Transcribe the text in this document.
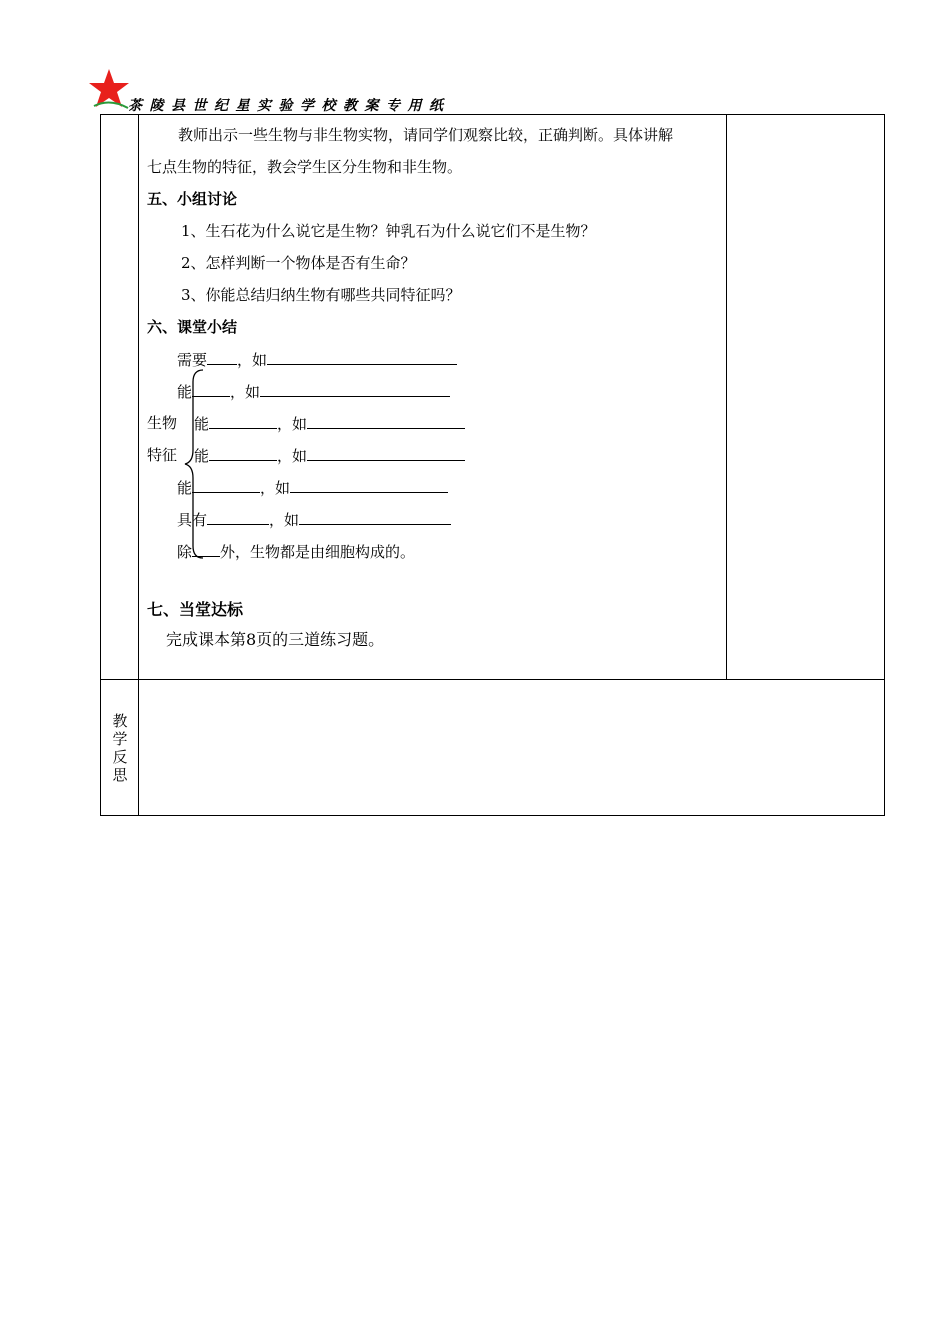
茶陵县世纪星实验学校教案专用纸
教师出示一些生物与非生物实物，请同学们观察比较，正确判断。具体讲解
七点生物的特征，教会学生区分生物和非生物。
五、小组讨论
1、生石花为什么说它是生物？钟乳石为什么说它们不是生物？
2、怎样判断一个物体是否有生命？
3、你能总结归纳生物有哪些共同特征吗？
六、课堂小结
需要 ，如
能	，如
生物 能	，如
特征 能	，如
能	，如
具有	，如
除 外，生物都是由细胞构成的。
七、当堂达标
完成课本第8页的三道练习题。
教学反思
